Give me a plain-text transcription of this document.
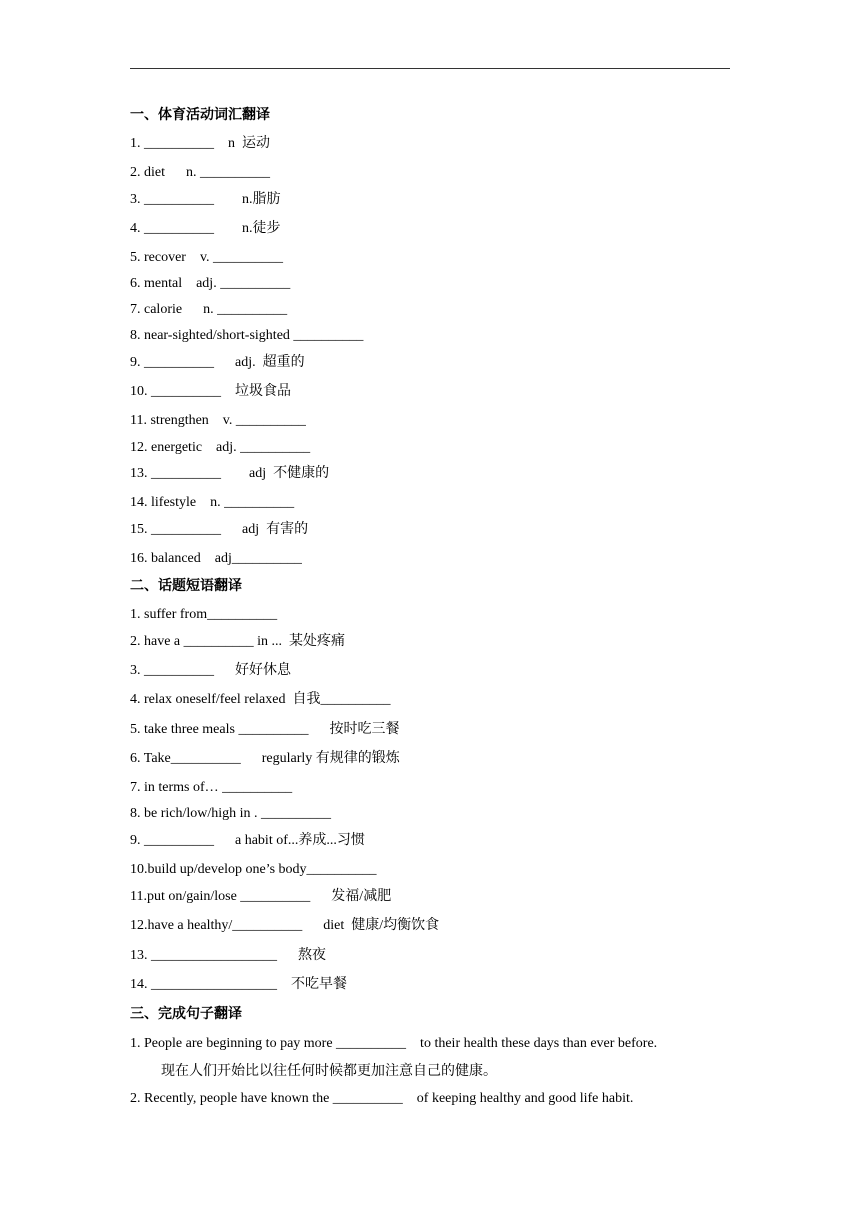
一、体育活动词汇翻译
1. __________    n  运动
2. diet      n. __________
3. __________        n.脂肪
4. __________        n.徒步
5. recover    v. __________
6. mental    adj. __________
7. calorie      n. __________
8. near-sighted/short-sighted __________
9. __________      adj.  超重的
10. __________    垃圾食品
11. strengthen    v. __________
12. energetic    adj. __________
13. __________        adj  不健康的
14. lifestyle    n. __________
15. __________      adj  有害的
16. balanced    adj__________
二、话题短语翻译
1. suffer from__________
2. have a __________ in ...  某处疼痛
3. __________      好好休息
4. relax oneself/feel relaxed  自我__________
5. take three meals __________      按时吃三餐
6. Take__________      regularly 有规律的锻炼
7. in terms of… __________
8. be rich/low/high in . __________
9. __________      a habit of...养成...习惯
10.build up/develop one’s body__________
11.put on/gain/lose __________      发福/减肥
12.have a healthy/__________      diet  健康/均衡饮食
13. __________________      熬夜
14. __________________    不吃早餐
三、完成句子翻译
1. People are beginning to pay more __________    to their health these days than ever before.
现在人们开始比以往任何时候都更加注意自己的健康。
2. Recently, people have known the __________    of keeping healthy and good life habit.
